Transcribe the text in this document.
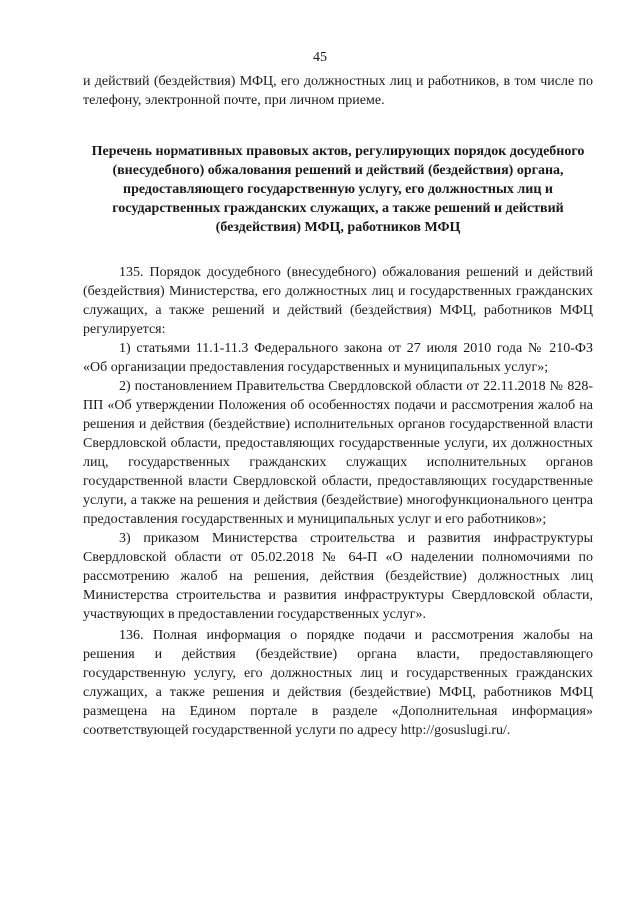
45

и действий (бездействия) МФЦ, его должностных лиц и работников, в том числе по телефону, электронной почте, при личном приеме.

Перечень нормативных правовых актов, регулирующих порядок досудебного (внесудебного) обжалования решений и действий (бездействия) органа, предоставляющего государственную услугу, его должностных лиц и государственных гражданских служащих, а также решений и действий (бездействия) МФЦ, работников МФЦ

135. Порядок досудебного (внесудебного) обжалования решений и действий (бездействия) Министерства, его должностных лиц и государственных гражданских служащих, а также решений и действий (бездействия) МФЦ, работников МФЦ регулируется:

1) статьями 11.1-11.3 Федерального закона от 27 июля 2010 года № 210-ФЗ «Об организации предоставления государственных и муниципальных услуг»;

2) постановлением Правительства Свердловской области от 22.11.2018 № 828-ПП «Об утверждении Положения об особенностях подачи и рассмотрения жалоб на решения и действия (бездействие) исполнительных органов государственной власти Свердловской области, предоставляющих государственные услуги, их должностных лиц, государственных гражданских служащих исполнительных органов государственной власти Свердловской области, предоставляющих государственные услуги, а также на решения и действия (бездействие) многофункционального центра предоставления государственных и муниципальных услуг и его работников»;

3) приказом Министерства строительства и развития инфраструктуры Свердловской области от 05.02.2018 № 64-П «О наделении полномочиями по рассмотрению жалоб на решения, действия (бездействие) должностных лиц Министерства строительства и развития инфраструктуры Свердловской области, участвующих в предоставлении государственных услуг».

136. Полная информация о порядке подачи и рассмотрения жалобы на решения и действия (бездействие) органа власти, предоставляющего государственную услугу, его должностных лиц и государственных гражданских служащих, а также решения и действия (бездействие) МФЦ, работников МФЦ размещена на Едином портале в разделе «Дополнительная информация» соответствующей государственной услуги по адресу http://gosuslugi.ru/.
